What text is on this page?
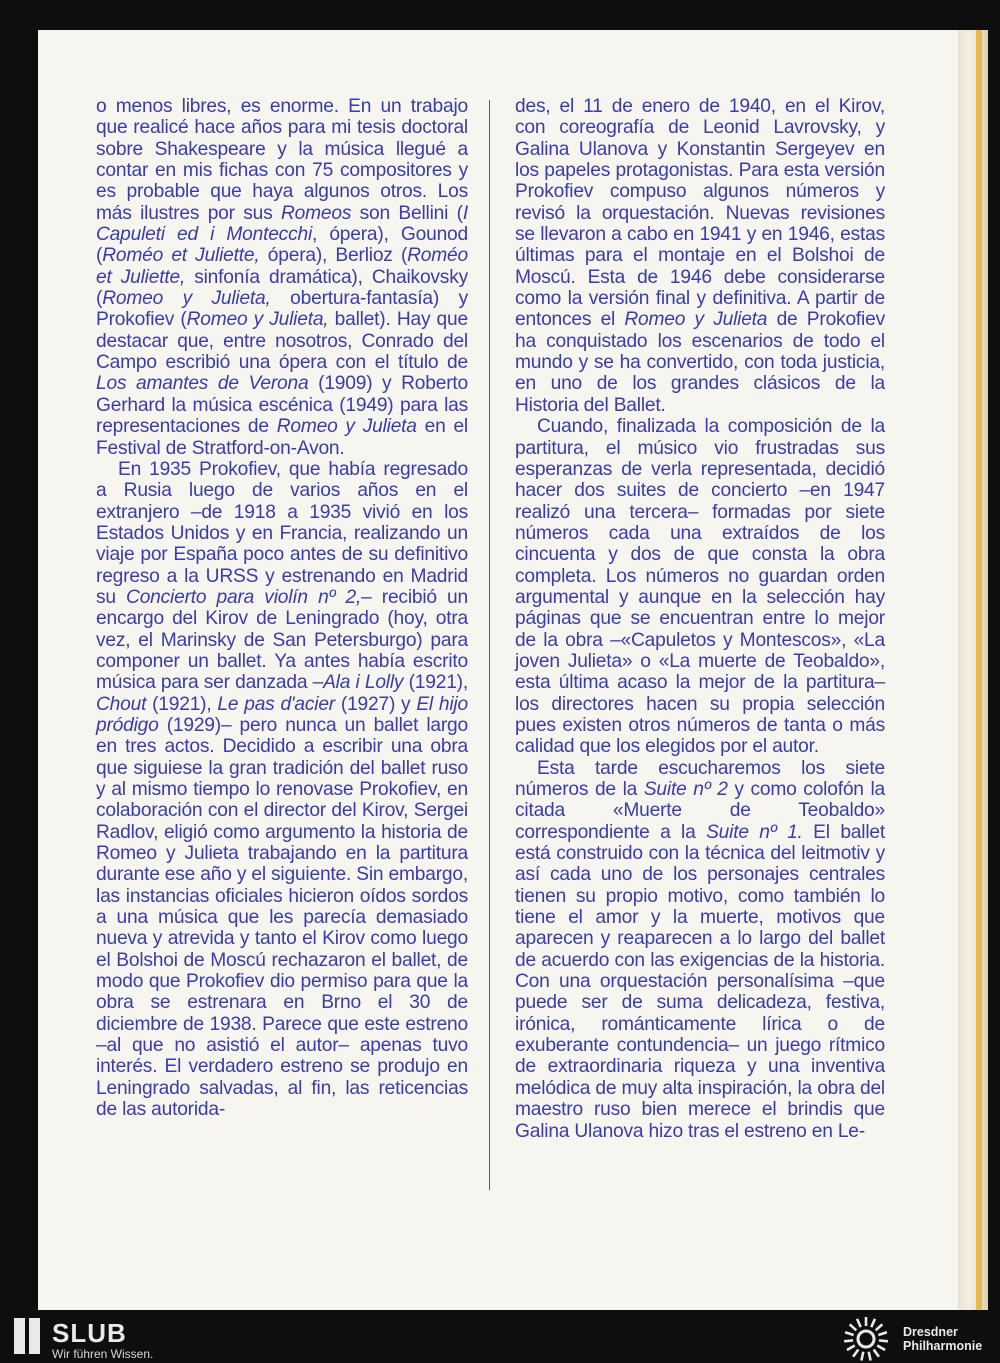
o menos libres, es enorme. En un trabajo que realicé hace años para mi tesis doctoral sobre Shakespeare y la música llegué a contar en mis fichas con 75 compositores y es probable que haya algunos otros. Los más ilustres por sus Romeos son Bellini (I Capuleti ed i Montecchi, ópera), Gounod (Roméo et Juliette, ópera), Berlioz (Roméo et Juliette, sinfonía dramática), Chaikovsky (Romeo y Julieta, obertura-fantasía) y Prokofiev (Romeo y Julieta, ballet). Hay que destacar que, entre nosotros, Conrado del Campo escribió una ópera con el título de Los amantes de Verona (1909) y Roberto Gerhard la música escénica (1949) para las representaciones de Romeo y Julieta en el Festival de Stratford-on-Avon.

En 1935 Prokofiev, que había regresado a Rusia luego de varios años en el extranjero –de 1918 a 1935 vivió en los Estados Unidos y en Francia, realizando un viaje por España poco antes de su definitivo regreso a la URSS y estrenando en Madrid su Concierto para violín nº 2,– recibió un encargo del Kirov de Leningrado (hoy, otra vez, el Marinsky de San Petersburgo) para componer un ballet. Ya antes había escrito música para ser danzada –Ala i Lolly (1921), Chout (1921), Le pas d'acier (1927) y El hijo pródigo (1929)– pero nunca un ballet largo en tres actos. Decidido a escribir una obra que siguiese la gran tradición del ballet ruso y al mismo tiempo lo renovase Prokofiev, en colaboración con el director del Kirov, Sergei Radlov, eligió como argumento la historia de Romeo y Julieta trabajando en la partitura durante ese año y el siguiente. Sin embargo, las instancias oficiales hicieron oídos sordos a una música que les parecía demasiado nueva y atrevida y tanto el Kirov como luego el Bolshoi de Moscú rechazaron el ballet, de modo que Prokofiev dio permiso para que la obra se estrenara en Brno el 30 de diciembre de 1938. Parece que este estreno –al que no asistió el autor– apenas tuvo interés. El verdadero estreno se produjo en Leningrado salvadas, al fin, las reticencias de las autorida-

des, el 11 de enero de 1940, en el Kirov, con coreografía de Leonid Lavrovsky, y Galina Ulanova y Konstantin Sergeyev en los papeles protagonistas. Para esta versión Prokofiev compuso algunos números y revisó la orquestación. Nuevas revisiones se llevaron a cabo en 1941 y en 1946, estas últimas para el montaje en el Bolshoi de Moscú. Esta de 1946 debe considerarse como la versión final y definitiva. A partir de entonces el Romeo y Julieta de Prokofiev ha conquistado los escenarios de todo el mundo y se ha convertido, con toda justicia, en uno de los grandes clásicos de la Historia del Ballet.

Cuando, finalizada la composición de la partitura, el músico vio frustradas sus esperanzas de verla representada, decidió hacer dos suites de concierto –en 1947 realizó una tercera– formadas por siete números cada una extraídos de los cincuenta y dos de que consta la obra completa. Los números no guardan orden argumental y aunque en la selección hay páginas que se encuentran entre lo mejor de la obra –«Capuletos y Montescos», «La joven Julieta» o «La muerte de Teobaldo», esta última acaso la mejor de la partitura– los directores hacen su propia selección pues existen otros números de tanta o más calidad que los elegidos por el autor.

Esta tarde escucharemos los siete números de la Suite nº 2 y como colofón la citada «Muerte de Teobaldo» correspondiente a la Suite nº 1. El ballet está construido con la técnica del leitmotiv y así cada uno de los personajes centrales tienen su propio motivo, como también lo tiene el amor y la muerte, motivos que aparecen y reaparecen a lo largo del ballet de acuerdo con las exigencias de la historia. Con una orquestación personalísima –que puede ser de suma delicadeza, festiva, irónica, románticamente lírica o de exuberante contundencia– un juego rítmico de extraordinaria riqueza y una inventiva melódica de muy alta inspiración, la obra del maestro ruso bien merece el brindis que Galina Ulanova hizo tras el estreno en Le-

SLUB
Wir führen Wissen.
Dresdner
Philharmonie
